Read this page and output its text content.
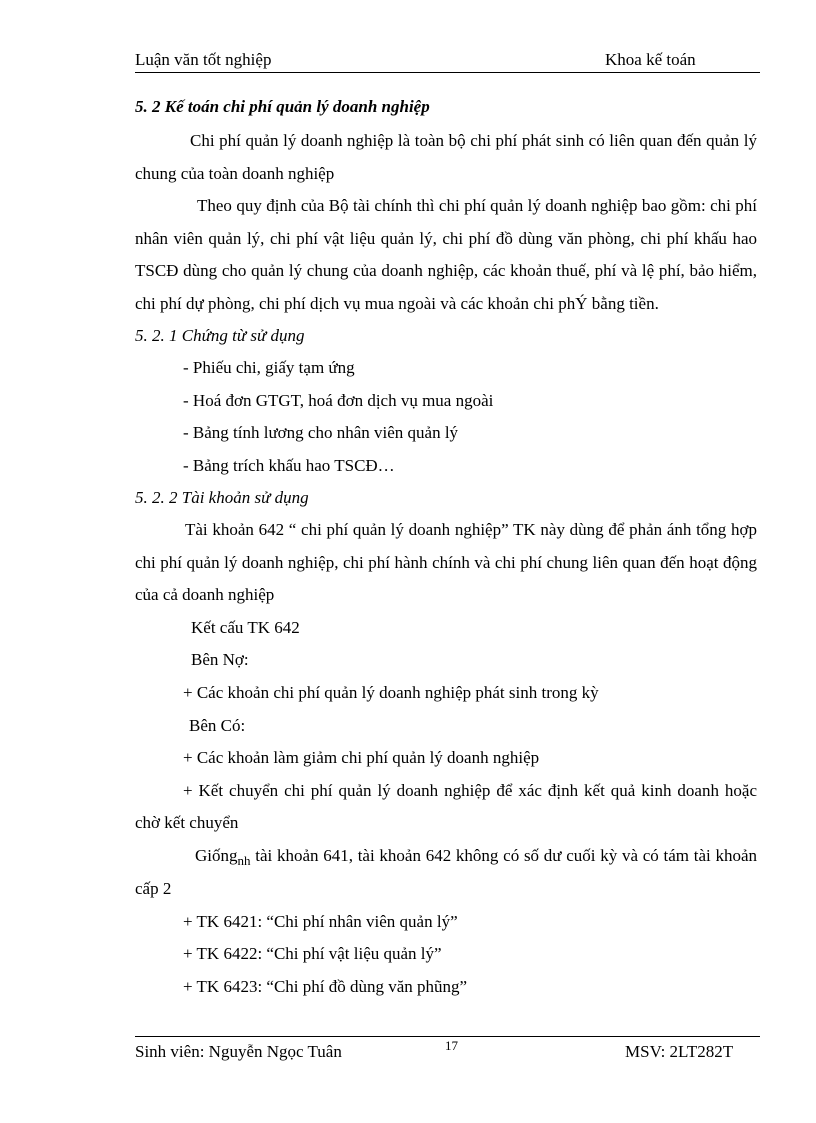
Luận văn tốt nghiệp	Khoa kế toán

5. 2 Kế toán chi phí quản lý doanh nghiệp

Chi phí quản lý doanh nghiệp là toàn bộ chi phí phát sinh có liên quan đến quản lý chung của toàn doanh nghiệp

Theo quy định của Bộ tài chính thì chi phí quản lý doanh nghiệp bao gồm: chi phí nhân viên quản lý, chi phí vật liệu quản lý, chi phí đồ dùng văn phòng, chi phí khấu hao TSCĐ dùng cho quản lý chung của doanh nghiệp, các khoản thuế, phí và lệ phí, bảo hiểm, chi phí dự phòng, chi phí dịch vụ mua ngoài và các khoản chi phÝ bằng tiền.

5. 2. 1 Chứng từ sử dụng

- Phiếu chi, giấy tạm ứng

- Hoá đơn GTGT, hoá đơn dịch vụ mua ngoài

- Bảng tính lương cho nhân viên quản lý

- Bảng trích khấu hao TSCĐ…

5. 2. 2 Tài khoản sử dụng

Tài khoản 642 “ chi phí quản lý doanh nghiệp” TK này dùng để phản ánh tổng hợp chi phí quản lý doanh nghiệp, chi phí hành chính và chi phí chung liên quan đến hoạt động của cả doanh nghiệp

Kết cấu TK 642

Bên Nợ:

+ Các khoản chi phí quản lý doanh nghiệp phát sinh trong kỳ

Bên Có:

+ Các khoản làm giảm chi phí quản lý doanh nghiệp

+ Kết chuyển chi phí quản lý doanh nghiệp để xác định kết quả kinh doanh hoặc chờ kết chuyển

Giống$_{nh}$ tài khoản 641, tài khoản 642 không có số dư cuối kỳ và có tám tài khoản cấp 2

+ TK 6421: “Chi phí nhân viên quản lý”

+ TK 6422: “Chi phí vật liệu quản lý”

+ TK 6423: “Chi phí đồ dùng văn phũng”

Sinh viên: Nguyễn Ngọc Tuân	17	MSV: 2LT282T
